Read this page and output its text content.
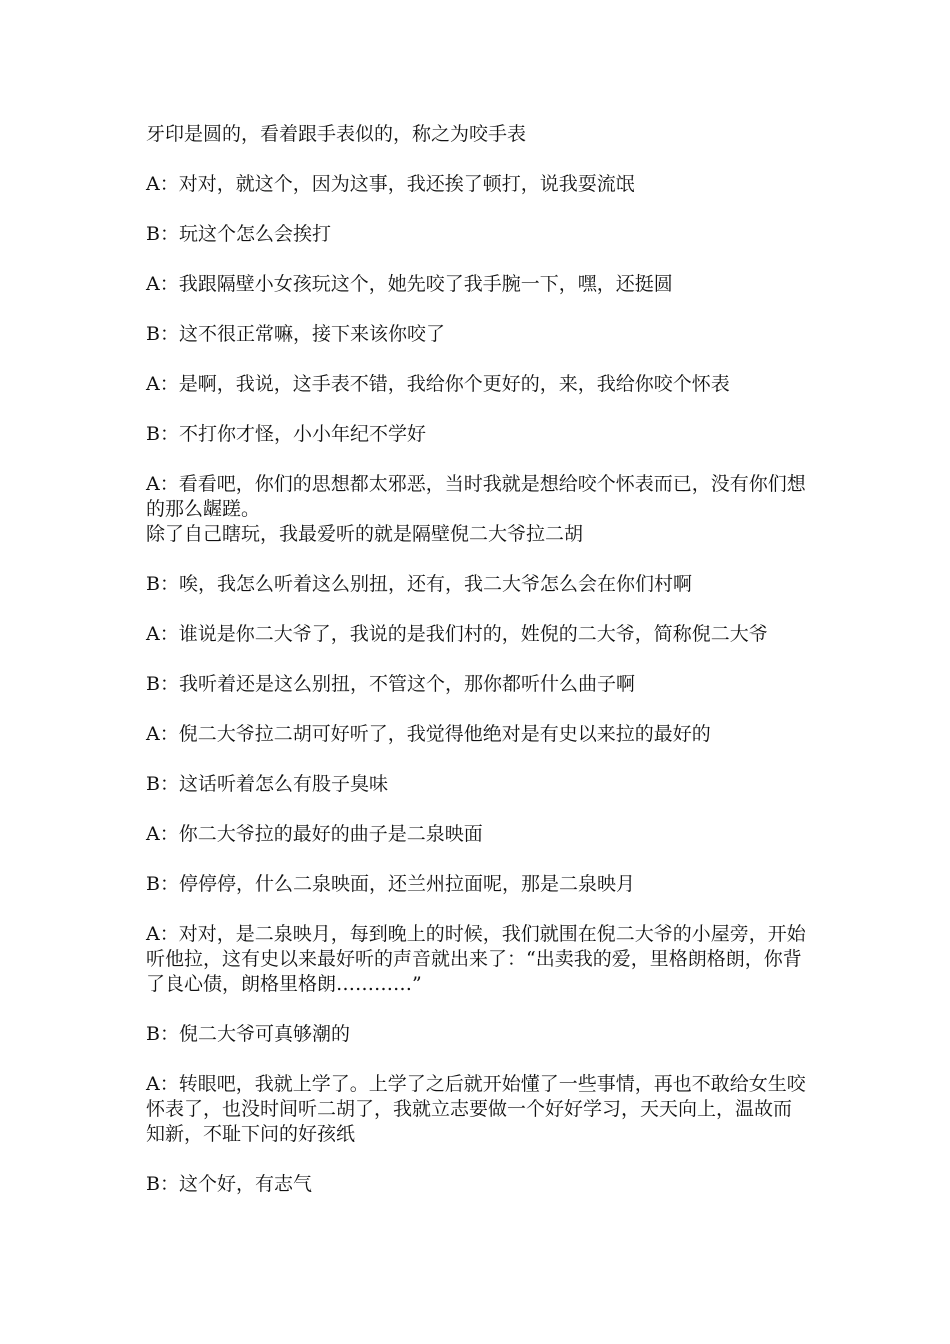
牙印是圆的，看着跟手表似的，称之为咬手表

A：对对，就这个，因为这事，我还挨了顿打，说我耍流氓

B：玩这个怎么会挨打

A：我跟隔壁小女孩玩这个，她先咬了我手腕一下，嘿，还挺圆

B：这不很正常嘛，接下来该你咬了

A：是啊，我说，这手表不错，我给你个更好的，来，我给你咬个怀表

B：不打你才怪，小小年纪不学好

A：看看吧，你们的思想都太邪恶，当时我就是想给咬个怀表而已，没有你们想的那么龌蹉。

除了自己瞎玩，我最爱听的就是隔壁倪二大爷拉二胡

B：唉，我怎么听着这么别扭，还有，我二大爷怎么会在你们村啊

A：谁说是你二大爷了，我说的是我们村的，姓倪的二大爷，简称倪二大爷

B：我听着还是这么别扭，不管这个，那你都听什么曲子啊

A：倪二大爷拉二胡可好听了，我觉得他绝对是有史以来拉的最好的

B：这话听着怎么有股子臭味

A：你二大爷拉的最好的曲子是二泉映面

B：停停停，什么二泉映面，还兰州拉面呢，那是二泉映月

A：对对，是二泉映月，每到晚上的时候，我们就围在倪二大爷的小屋旁，开始听他拉，这有史以来最好听的声音就出来了：“出卖我的爱，里格朗格朗，你背了良心债，朗格里格朗…………”

B：倪二大爷可真够潮的

A：转眼吧，我就上学了。上学了之后就开始懂了一些事情，再也不敢给女生咬怀表了，也没时间听二胡了，我就立志要做一个好好学习，天天向上，温故而知新，不耻下问的好孩纸

B：这个好，有志气
